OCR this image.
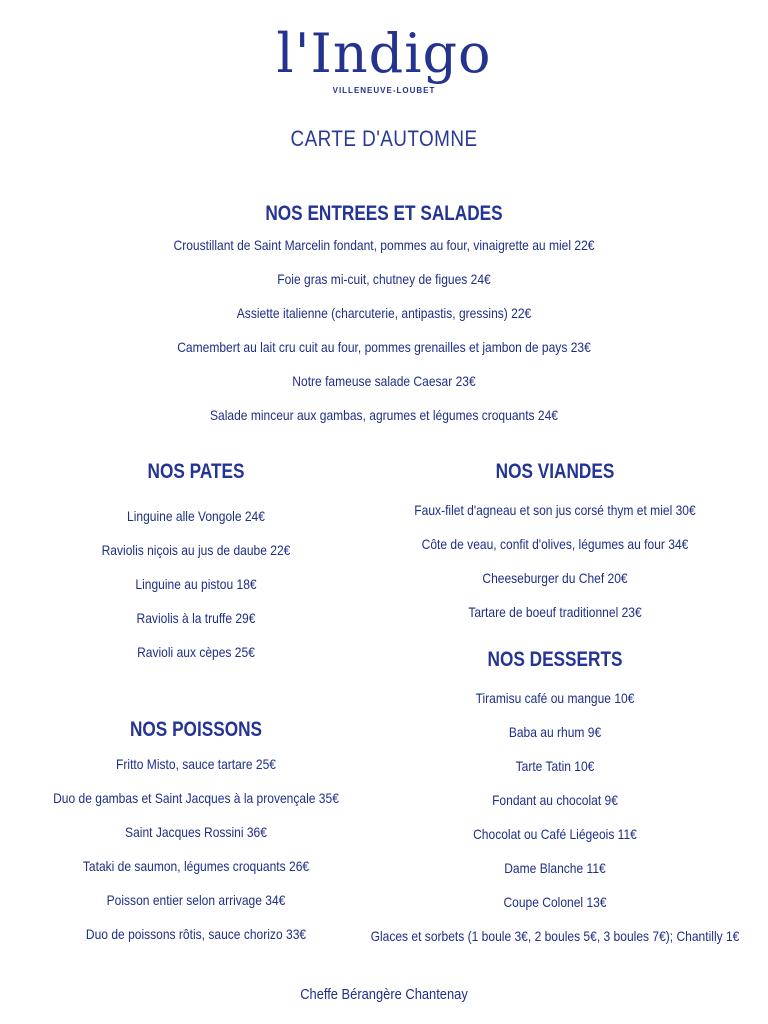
l'Indigo
VILLENEUVE-LOUBET
CARTE D'AUTOMNE
NOS ENTREES ET SALADES
Croustillant de Saint Marcelin fondant, pommes au four, vinaigrette au miel 22€
Foie gras mi-cuit, chutney de figues 24€
Assiette italienne (charcuterie, antipastis, gressins) 22€
Camembert au lait cru cuit au four, pommes grenailles et jambon de pays 23€
Notre fameuse salade Caesar 23€
Salade minceur aux gambas, agrumes et légumes croquants 24€
NOS PATES
Linguine alle Vongole 24€
Raviolis niçois au jus de daube 22€
Linguine au pistou 18€
Raviolis à la truffe 29€
Ravioli aux cèpes 25€
NOS VIANDES
Faux-filet d'agneau et son jus corsé thym et miel 30€
Côte de veau, confit d'olives, légumes au four 34€
Cheeseburger du Chef 20€
Tartare de boeuf traditionnel 23€
NOS DESSERTS
Tiramisu café ou mangue 10€
Baba au rhum 9€
Tarte Tatin 10€
Fondant au chocolat 9€
Chocolat ou Café Liégeois 11€
Dame Blanche 11€
Coupe Colonel 13€
Glaces et sorbets (1 boule 3€, 2 boules 5€, 3 boules 7€); Chantilly 1€
NOS POISSONS
Fritto Misto, sauce tartare 25€
Duo de gambas et Saint Jacques à la provençale 35€
Saint Jacques Rossini 36€
Tataki de saumon, légumes croquants 26€
Poisson entier selon arrivage 34€
Duo de poissons rôtis, sauce chorizo 33€
Cheffe Bérangère Chantenay
